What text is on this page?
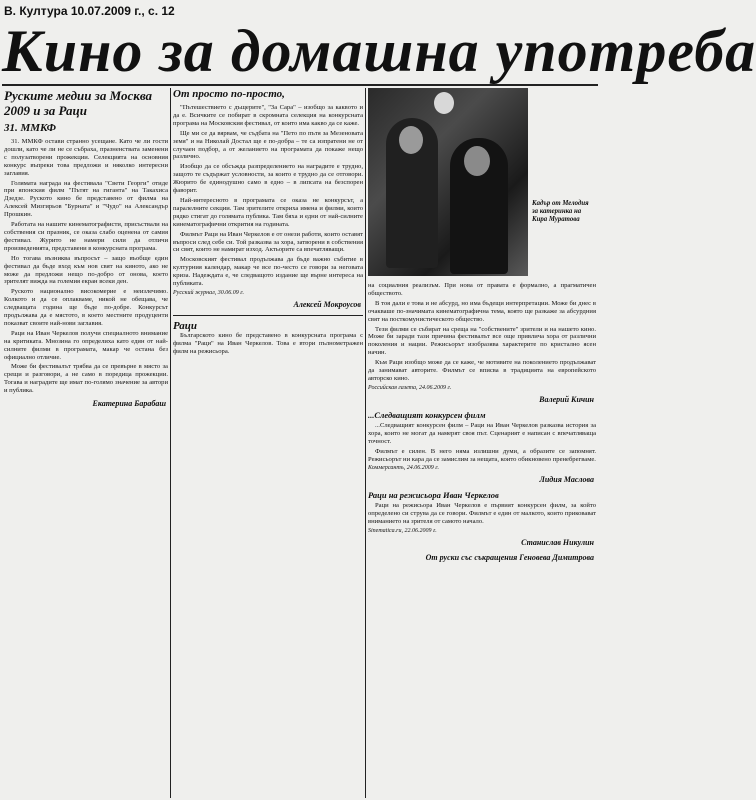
В. Култура 10.07.2009 г., с. 12
Кино за домашна употреба
Руските медии за Москва 2009 и за Раци
31. ММКФ

31. ММКФ остави странно усещане. Като че ли гости дошли, като че ли не се събраха, празненствата заменени с полузатворени прожекции. Селекцията на основния конкурс въпреки това предложи и няколко интересни заглавия.

Голямата награда на фестивала "Свети Георги" отиде при японския филм "Пътят на гиганта" на Такахиса Дзедзе. Руското кино бе представено от филма на Алексей Мизгирьов "Бурната" и "Чудо" на Александър Прошкин.

Работата на нашите кинематографисти, присъствали на собствения си празник, се оказа слабо оценена от самия фестивал. Журито не намери сили да отличи произведенията, представени в конкурсната програма.

Но тогава възниква въпросът – защо въобще един фестивал да бъде вход към нов свят на киното, ако не може да предложи нещо по-добро от онова, което зрителят вижда на големия екран всеки ден.

Руското национално високомерие е неизлечимо. Колкото и да се оплакваме, никой не обещава, че следващата година ще бъде по-добре. Конкурсът продължава да е мястото, в което местните продуценти показват своите най-нови заглавия.

Раци на Иван Черкелов получи специалното внимание на критиката. Мнозина го определиха като един от най-силните филми в програмата, макар че остана без официално отличие.

Може би фестивалът трябва да се превърне в място за срещи и разговори, а не само в поредица прожекции. Тогава и наградите ще имат по-голямо значение за автори и публика.

Екатерина Барабаш
От просто по-просто,

"Пътешествието с дъщерите", "За Сара" – изобщо за каквото и да е. Всичките се побират в скромната селекция на конкурсната програма на Московския фестивал, от които има какво да се каже.

Ще ми се да вярвам, че съдбата на "Пето по пътя за Мезеновата земя" и на Николай Достал ще е по-добра – те са изпратени не от случаен подбор, а от желанието на програмата да покаже нещо различно.

Изобщо да се обсъжда разпределението на наградите е трудно, защото те съдържат условности, за които е трудно да се отговори. Жюрито бе единодушно само в едно – в липсата на безспорен фаворит.

Най-интересното в програмата се оказа не конкурсът, а паралелните секции. Там зрителите откриха имена и филми, които рядко стигат до голямата публика. Там бяха и едни от най-силните кинематографични открития на годината.

Филмът Раци на Иван Черкелов е от онези работи, които оставят въпроси след себе си. Той разказва за хора, затворени в собствения си свят, които не намират изход. Актьорите са впечатляващи.

Московският фестивал продължава да бъде важно събитие в културния календар, макар че все по-често се говори за неговата криза. Надеждата е, че следващото издание ще върне интереса на публиката.

Русский журнал, 30.06.09 г.
Алексей Мокроусов
Раци

Българското кино бе представено в конкурсната програма с филма "Раци" на Иван Черкелов. Това е втори пълнометражен филм на режисьора.

Кадър от Мелодия за катеринка на Кира Муратова

на социалния реализъм. При нова от правата е формално, а прагматичен обществото.

В тоя дали е това и не абсурд, но има бъдещи интерпретации. Може би днес в очакваше по-значимата кинематографична тема, която ще разкаже за абсурдния свят на посткомунистическото общество.

Тези филми се събират на среща на "собствените" зрители и на нашето кино. Може би заради тази причина фестивалът все още привлича хора от различни поколения и нации. Режисьорът изобразява характерите по кристално ясен начин.

Към Раци изобщо може да се каже, че мотивите на поколението продължават да занимават авторите. Филмът се вписва в традицията на европейското авторско кино.

Российская газета, 24.06.2009 г.
Валерий Кичин
...Следващият конкурсен филм

...Следващият конкурсен филм – Раци на Иван Черкелов разказва история за хора, които не могат да намерят своя път. Сценарият е написан с впечатляваща точност.

Филмът е силен. В него няма излишни думи, а образите се запомнят. Режисьорът ни кара да се замислим за нещата, които обикновено пренебрегваме.

Коммерсантъ, 24.06.2009 г.
Лидия Маслова
Раци на режисьора Иван Черкелов

Раци на режисьора Иван Черкелов е първият конкурсен филм, за който определено си струва да се говори. Филмът е един от малкото, които приковават вниманието на зрителя от самото начало.

Sinematica.ru, 22.06.2009 г.
Станислав Никулин
От руски със съкращения Геновева Димитрова
